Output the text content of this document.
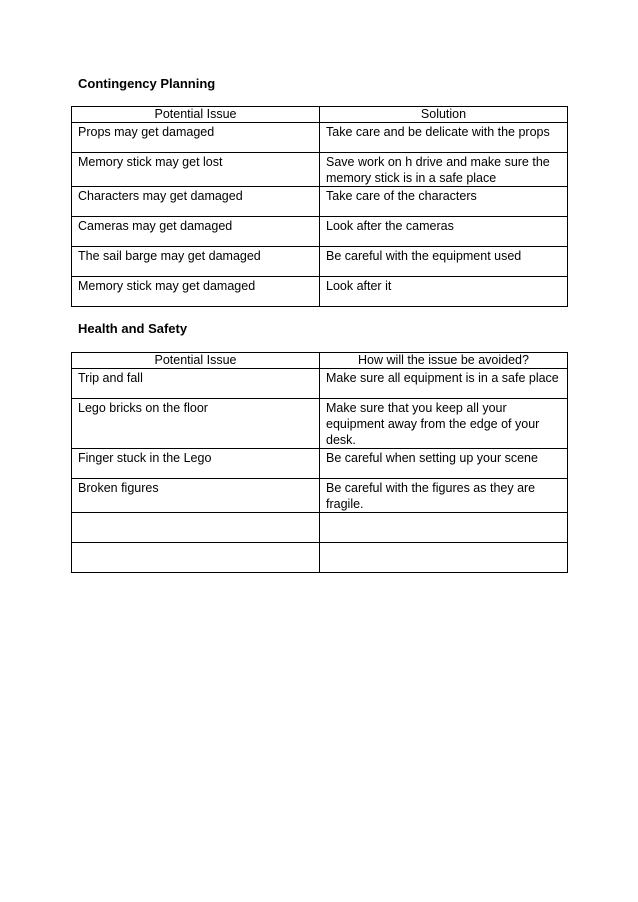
Contingency Planning
Potential Issue	Solution
Props may get damaged	Take care and be delicate with the props
Memory stick may get lost	Save work on h drive and make sure the memory stick is in a safe place
Characters may get damaged	Take care of the characters
Cameras may get damaged	Look after the cameras
The sail barge may get damaged	Be careful with the equipment used
Memory stick may get damaged	Look after it
Health and Safety
Potential Issue	How will the issue be avoided?
Trip and fall	Make sure all equipment is in a safe place
Lego bricks on the floor	Make sure that you keep all your equipment away from the edge of your desk.
Finger stuck in the Lego	Be careful when setting up your scene
Broken figures	Be careful with the figures as they are fragile.
